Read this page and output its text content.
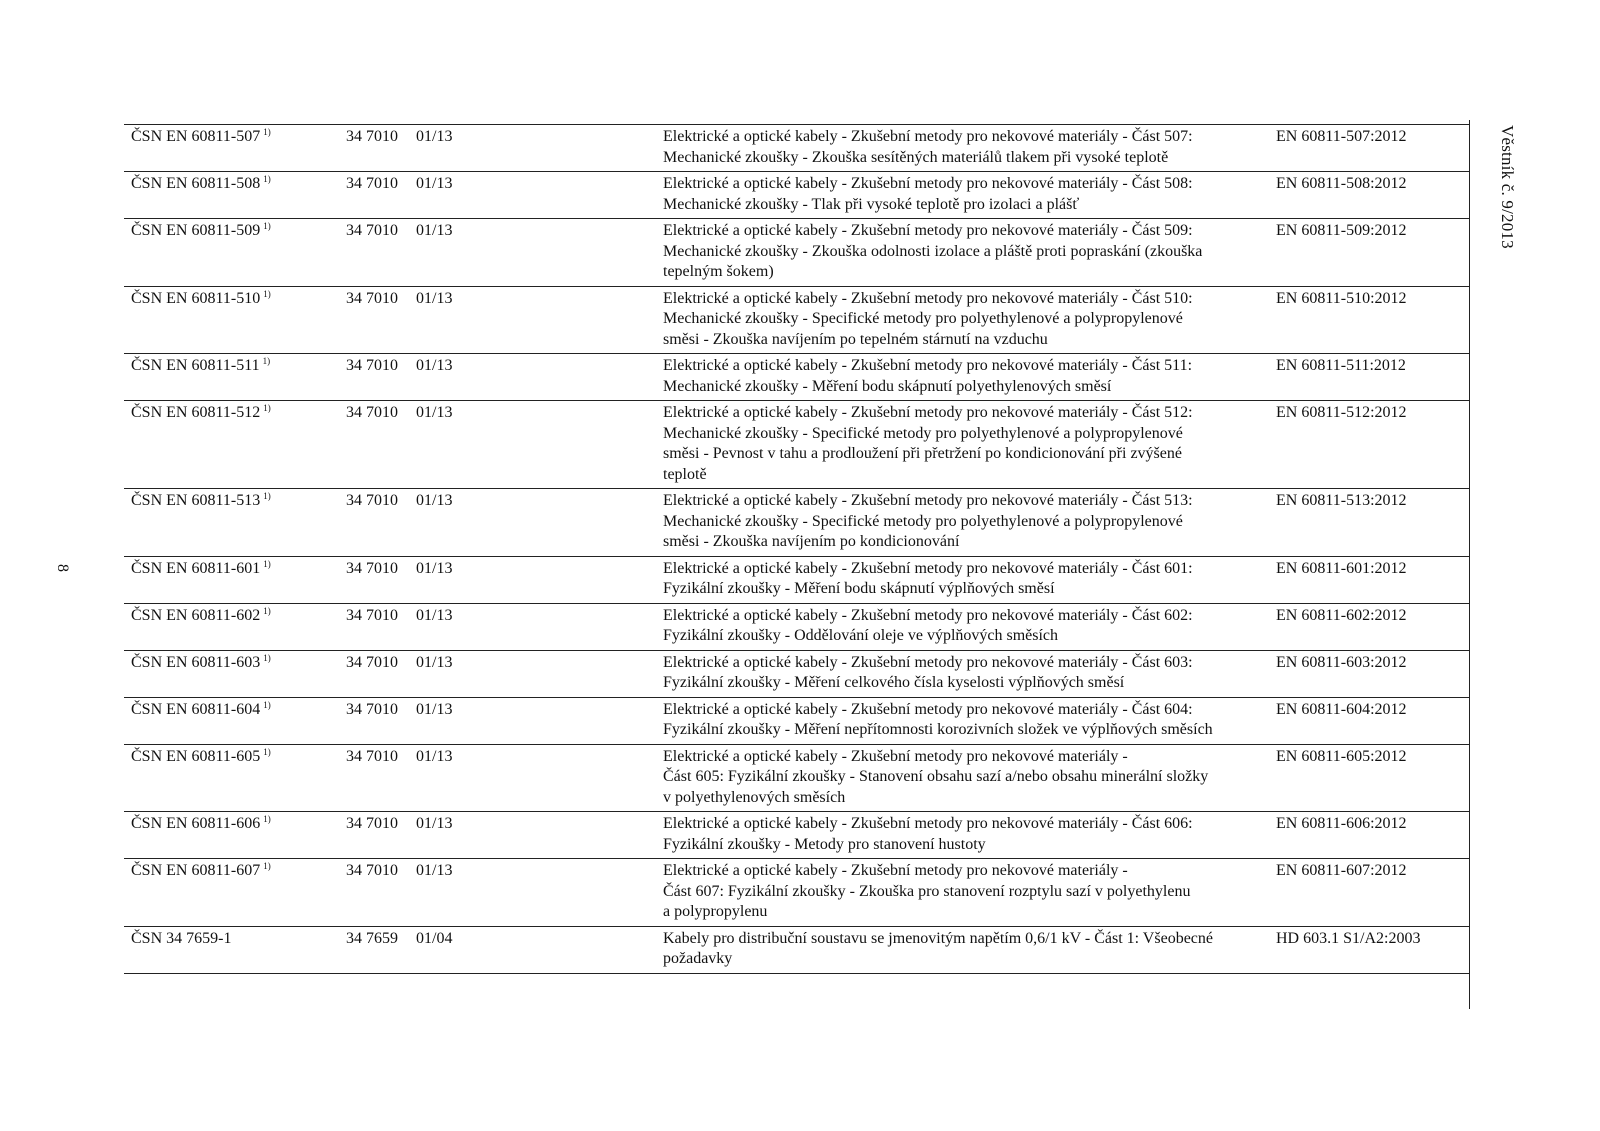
8
Věstník č. 9/2013
ČSN EN 60811-507 $^{1)}$	34 7010	01/13	Elektrické a optické kabely - Zkušební metody pro nekovové materiály - Část 507:
Mechanické zkoušky - Zkouška sesítěných materiálů tlakem při vysoké teplotě
EN 60811-507:2012
ČSN EN 60811-508 $^{1)}$	34 7010	01/13	Elektrické a optické kabely - Zkušební metody pro nekovové materiály - Část 508:
Mechanické zkoušky - Tlak při vysoké teplotě pro izolaci a plášť
EN 60811-508:2012
ČSN EN 60811-509 $^{1)}$	34 7010	01/13	Elektrické a optické kabely - Zkušební metody pro nekovové materiály - Část 509:
Mechanické zkoušky - Zkouška odolnosti izolace a pláště proti popraskání (zkouška
tepelným šokem)
EN 60811-509:2012
ČSN EN 60811-510 $^{1)}$	34 7010	01/13	Elektrické a optické kabely - Zkušební metody pro nekovové materiály - Část 510:
Mechanické zkoušky - Specifické metody pro polyethylenové a polypropylenové
směsi - Zkouška navíjením po tepelném stárnutí na vzduchu
EN 60811-510:2012
ČSN EN 60811-511 $^{1)}$	34 7010	01/13	Elektrické a optické kabely - Zkušební metody pro nekovové materiály - Část 511:
Mechanické zkoušky - Měření bodu skápnutí polyethylenových směsí
EN 60811-511:2012
ČSN EN 60811-512 $^{1)}$	34 7010	01/13	Elektrické a optické kabely - Zkušební metody pro nekovové materiály - Část 512:
Mechanické zkoušky - Specifické metody pro polyethylenové a polypropylenové
směsi - Pevnost v tahu a prodloužení při přetržení po kondicionování při zvýšené
teplotě
EN 60811-512:2012
ČSN EN 60811-513 $^{1)}$	34 7010	01/13	Elektrické a optické kabely - Zkušební metody pro nekovové materiály - Část 513:
Mechanické zkoušky - Specifické metody pro polyethylenové a polypropylenové
směsi - Zkouška navíjením po kondicionování
EN 60811-513:2012
ČSN EN 60811-601 $^{1)}$	34 7010	01/13	Elektrické a optické kabely - Zkušební metody pro nekovové materiály - Část 601:
Fyzikální zkoušky - Měření bodu skápnutí výplňových směsí
EN 60811-601:2012
ČSN EN 60811-602 $^{1)}$	34 7010	01/13	Elektrické a optické kabely - Zkušební metody pro nekovové materiály - Část 602:
Fyzikální zkoušky - Oddělování oleje ve výplňových směsích
EN 60811-602:2012
ČSN EN 60811-603 $^{1)}$	34 7010	01/13	Elektrické a optické kabely - Zkušební metody pro nekovové materiály - Část 603:
Fyzikální zkoušky - Měření celkového čísla kyselosti výplňových směsí
EN 60811-603:2012
ČSN EN 60811-604 $^{1)}$	34 7010	01/13	Elektrické a optické kabely - Zkušební metody pro nekovové materiály - Část 604:
Fyzikální zkoušky - Měření nepřítomnosti korozivních složek ve výplňových směsích
EN 60811-604:2012
ČSN EN 60811-605 $^{1)}$	34 7010	01/13	Elektrické a optické kabely - Zkušební metody pro nekovové materiály -
Část 605: Fyzikální zkoušky - Stanovení obsahu sazí a/nebo obsahu minerální složky
v polyethylenových směsích
EN 60811-605:2012
ČSN EN 60811-606 $^{1)}$	34 7010	01/13	Elektrické a optické kabely - Zkušební metody pro nekovové materiály - Část 606:
Fyzikální zkoušky - Metody pro stanovení hustoty
EN 60811-606:2012
ČSN EN 60811-607 $^{1)}$	34 7010	01/13	Elektrické a optické kabely - Zkušební metody pro nekovové materiály -
Část 607: Fyzikální zkoušky - Zkouška pro stanovení rozptylu sazí v polyethylenu
a polypropylenu
EN 60811-607:2012
ČSN 34 7659-1	34 7659	01/04	Kabely pro distribuční soustavu se jmenovitým napětím 0,6/1 kV - Část 1: Všeobecné
požadavky
HD 603.1 S1/A2:2003
